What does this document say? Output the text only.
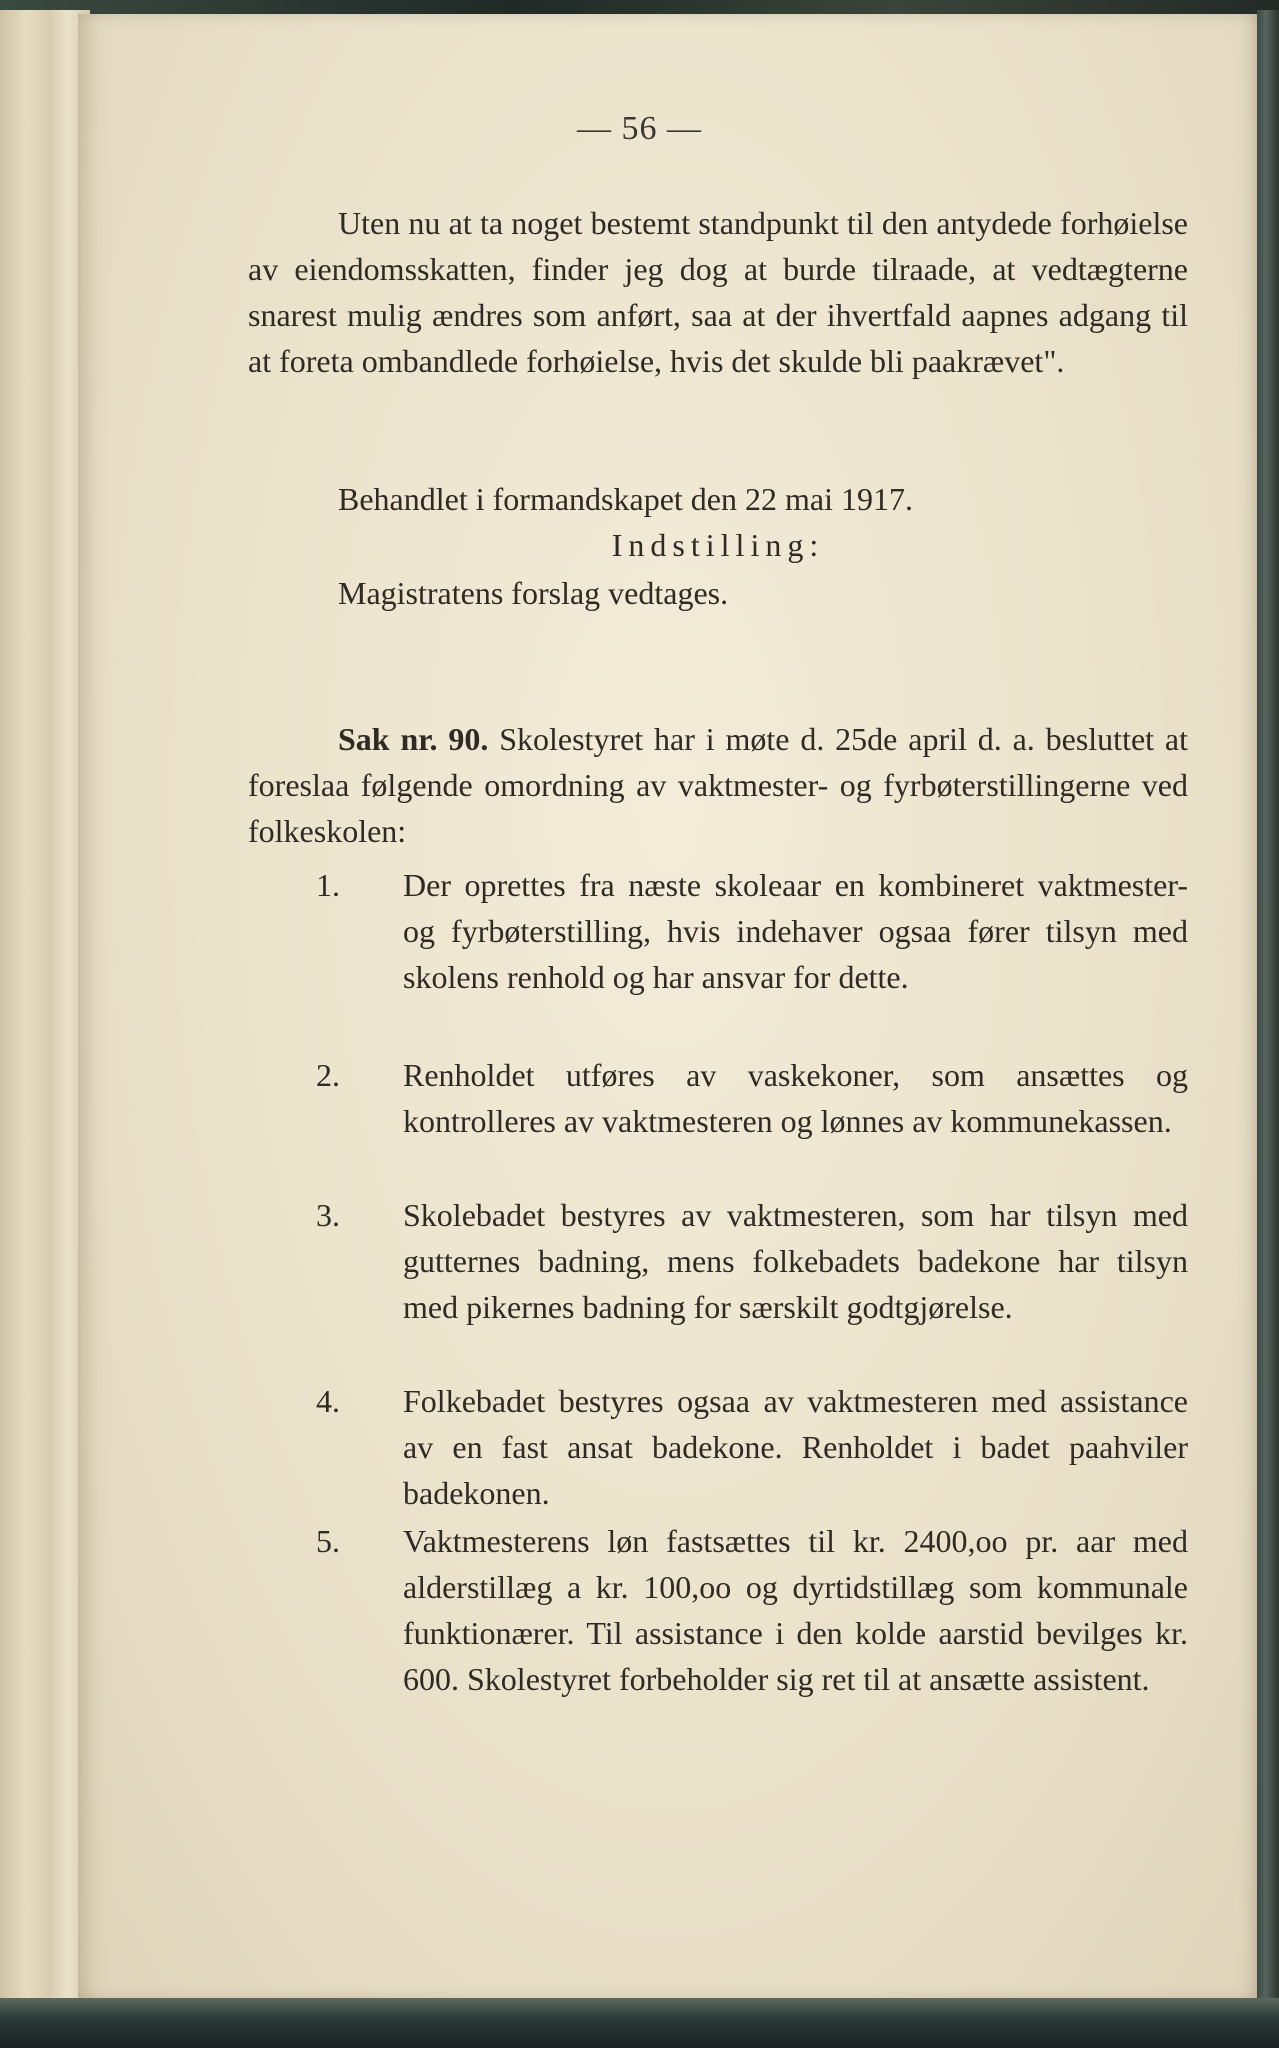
— 56 —

Uten nu at ta noget bestemt standpunkt til den antydede forhøielse av eiendomsskatten, finder jeg dog at burde tilraade, at vedtægterne snarest mulig ændres som anført, saa at der ihvertfald aapnes adgang til at foreta ombandlede forhøielse, hvis det skulde bli paakrævet".

Behandlet i formandskapet den 22 mai 1917.

Indstilling:

Magistratens forslag vedtages.

Sak nr. 90. Skolestyret har i møte d. 25de april d. a. besluttet at foreslaa følgende omordning av vaktmester- og fyrbøterstillingerne ved folkeskolen:

1. Der oprettes fra næste skoleaar en kombineret vaktmester- og fyrbøterstilling, hvis indehaver ogsaa fører tilsyn med skolens renhold og har ansvar for dette.
2. Renholdet utføres av vaskekoner, som ansættes og kontrolleres av vaktmesteren og lønnes av kommunekassen.
3. Skolebadet bestyres av vaktmesteren, som har tilsyn med gutternes badning, mens folkebadets badekone har tilsyn med pikernes badning for særskilt godtgjørelse.
4. Folkebadet bestyres ogsaa av vaktmesteren med assistance av en fast ansat badekone. Renholdet i badet paahviler badekonen.
5. Vaktmesterens løn fastsættes til kr. 2400,oo pr. aar med alderstillæg a kr. 100,oo og dyrtidstillæg som kommunale funktionærer. Til assistance i den kolde aarstid bevilges kr. 600. Skolestyret forbeholder sig ret til at ansætte assistent.
